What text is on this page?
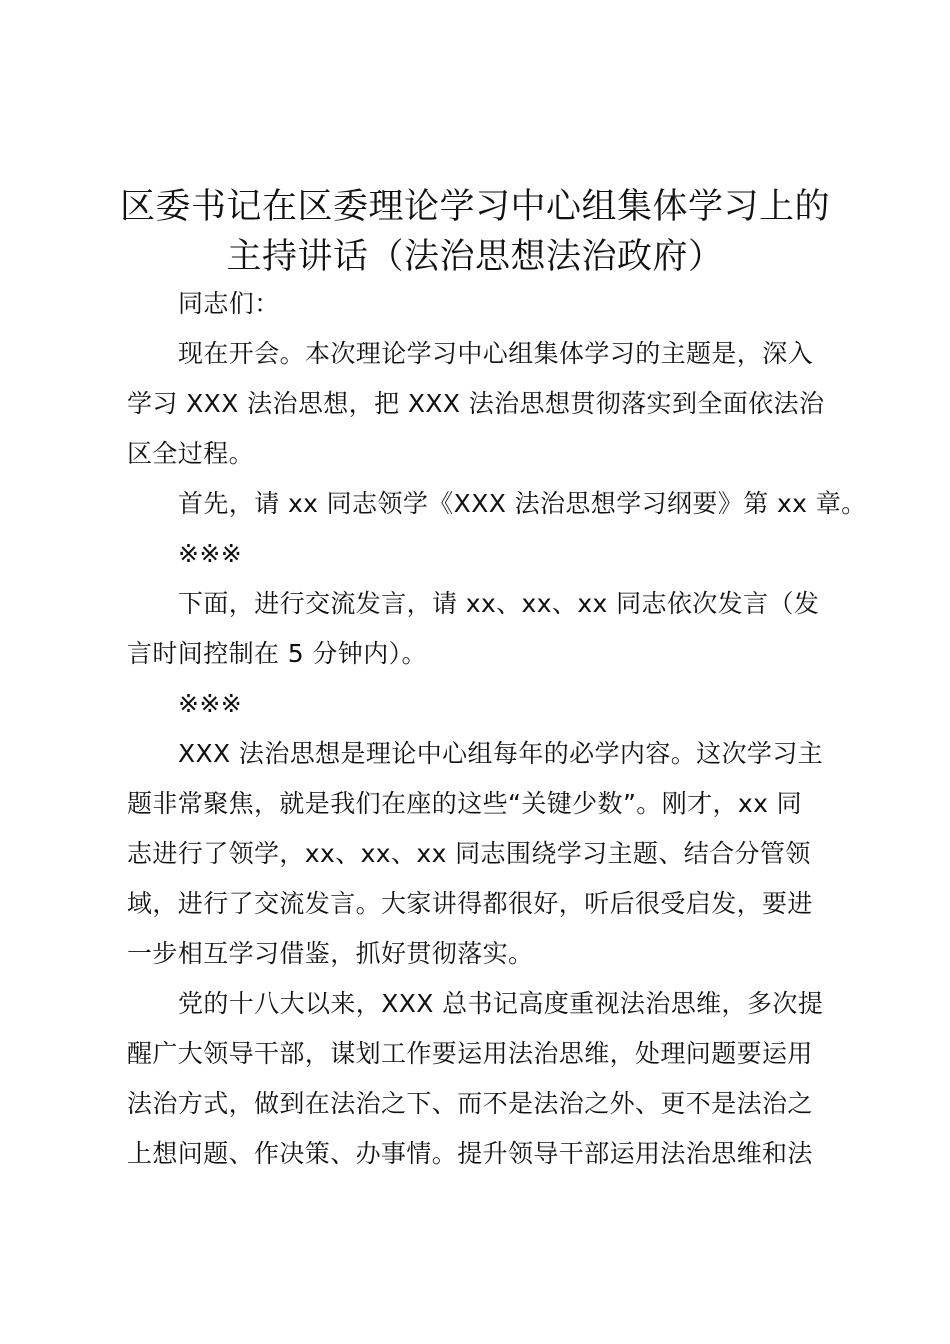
区委书记在区委理论学习中心组集体学习上的
主持讲话（法治思想法治政府）
同志们：
现在开会。本次理论学习中心组集体学习的主题是，深入
学习 XXX 法治思想，把 XXX 法治思想贯彻落实到全面依法治
区全过程。
首先，请 xx 同志领学《XXX 法治思想学习纲要》第 xx 章。
※※※
下面，进行交流发言，请 xx、xx、xx 同志依次发言（发
言时间控制在 5 分钟内）。
※※※
XXX 法治思想是理论中心组每年的必学内容。这次学习主
题非常聚焦，就是我们在座的这些“关键少数”。刚才，xx 同
志进行了领学，xx、xx、xx 同志围绕学习主题、结合分管领
域，进行了交流发言。大家讲得都很好，听后很受启发，要进
一步相互学习借鉴，抓好贯彻落实。
党的十八大以来，XXX 总书记高度重视法治思维，多次提
醒广大领导干部，谋划工作要运用法治思维，处理问题要运用
法治方式，做到在法治之下、而不是法治之外、更不是法治之
上想问题、作决策、办事情。提升领导干部运用法治思维和法
